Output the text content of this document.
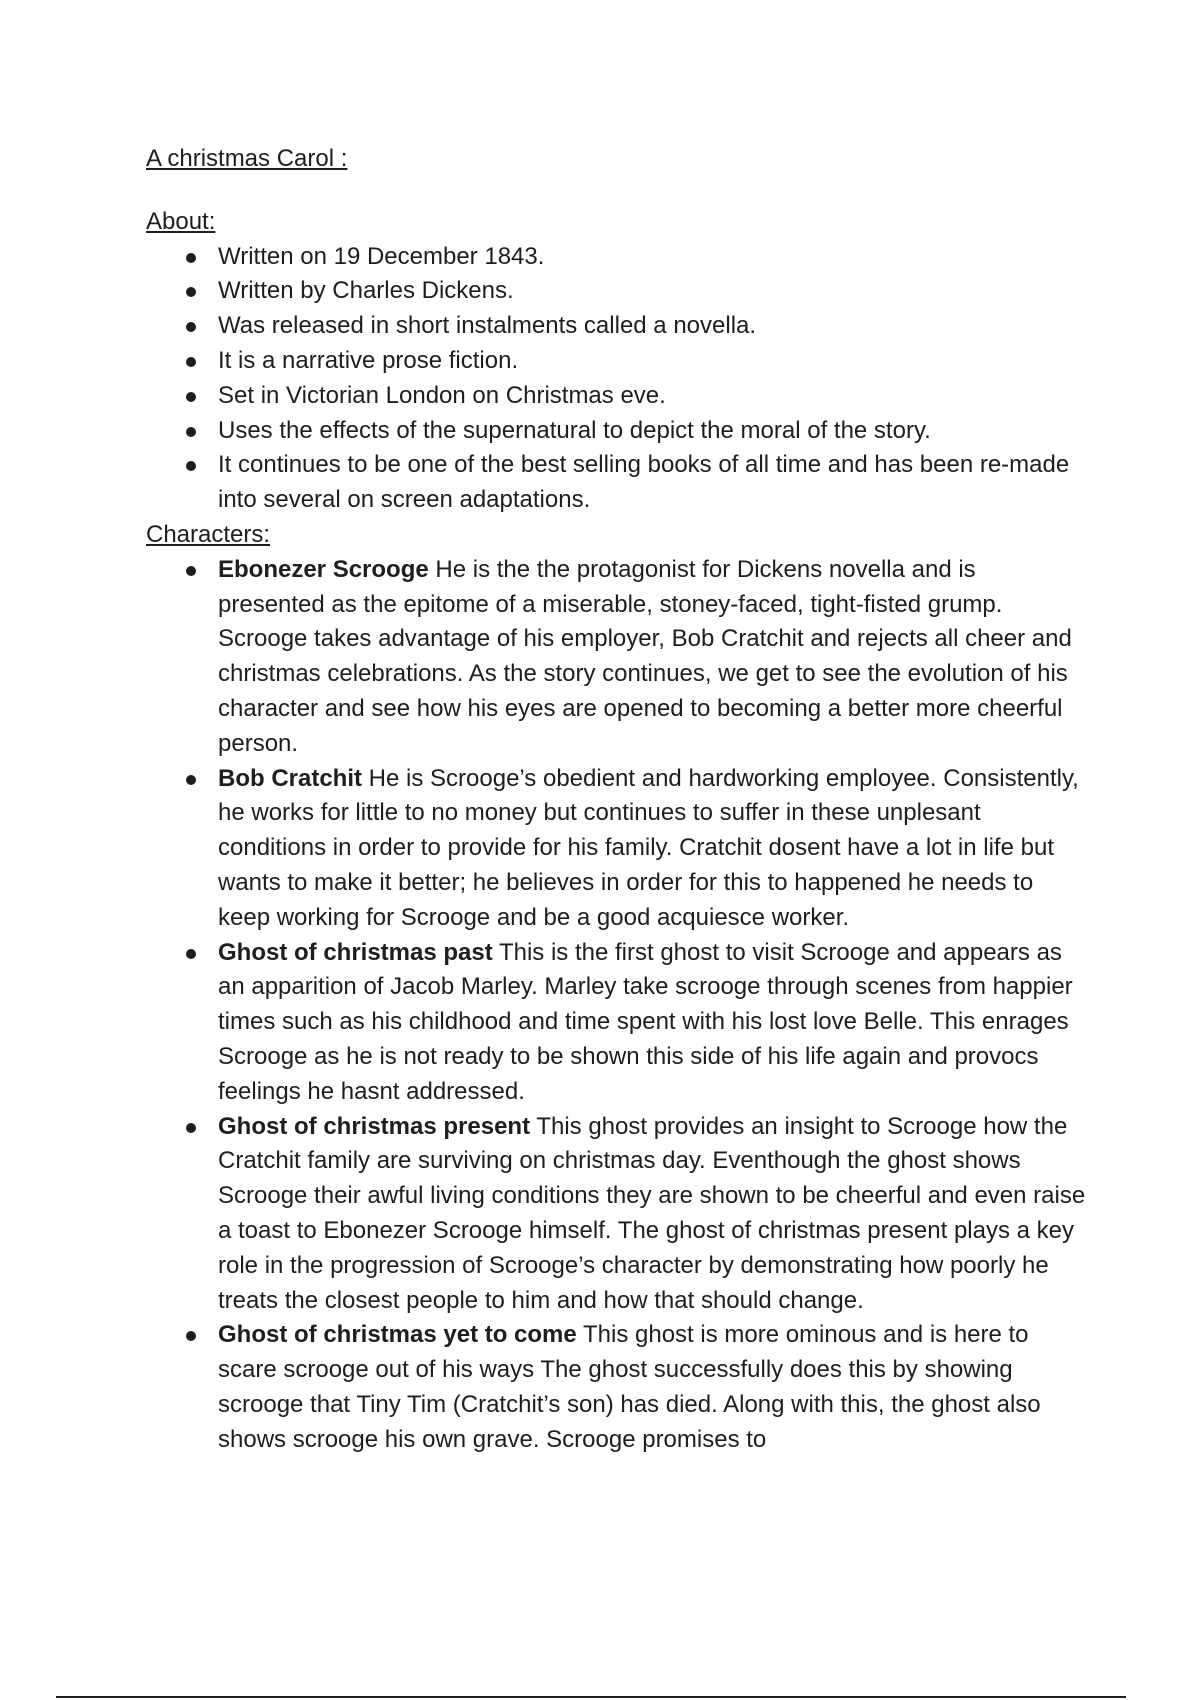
A christmas Carol :

About:

Written on 19 December 1843.
Written by Charles Dickens.
Was released in short instalments called a novella.
It is a narrative prose fiction.
Set in Victorian London on Christmas eve.
Uses the effects of the supernatural to depict the moral of the story.
It continues to be one of the best selling books of all time and has been re-made into several on screen adaptations.

Characters:

Ebonezer Scrooge He is the the protagonist for Dickens novella and is presented as the epitome of a miserable, stoney-faced, tight-fisted grump. Scrooge takes advantage of his employer, Bob Cratchit and rejects all cheer and christmas celebrations. As the story continues, we get to see the evolution of his character and see how his eyes are opened to becoming a better more cheerful person.
Bob Cratchit He is Scrooge’s obedient and hardworking employee. Consistently, he works for little to no money but continues to suffer in these unplesant conditions in order to provide for his family. Cratchit dosent have a lot in life but wants to make it better; he believes in order for this to happened he needs to keep working for Scrooge and be a good acquiesce worker.
Ghost of christmas past This is the first ghost to visit Scrooge and appears as an apparition of Jacob Marley. Marley take scrooge through scenes from happier times such as his childhood and time spent with his lost love Belle. This enrages Scrooge as he is not ready to be shown this side of his life again and provocs feelings he hasnt addressed.
Ghost of christmas present This ghost provides an insight to Scrooge how the Cratchit family are surviving on christmas day. Eventhough the ghost shows Scrooge their awful living conditions they are shown to be cheerful and even raise a toast to Ebonezer Scrooge himself. The ghost of christmas present plays a key role in the progression of Scrooge’s character by demonstrating how poorly he treats the closest people to him and how that should change.
Ghost of christmas yet to come This ghost is more ominous and is here to scare scrooge out of his ways The ghost successfully does this by showing scrooge that Tiny Tim (Cratchit’s son) has died. Along with this, the ghost also shows scrooge his own grave. Scrooge promises to
